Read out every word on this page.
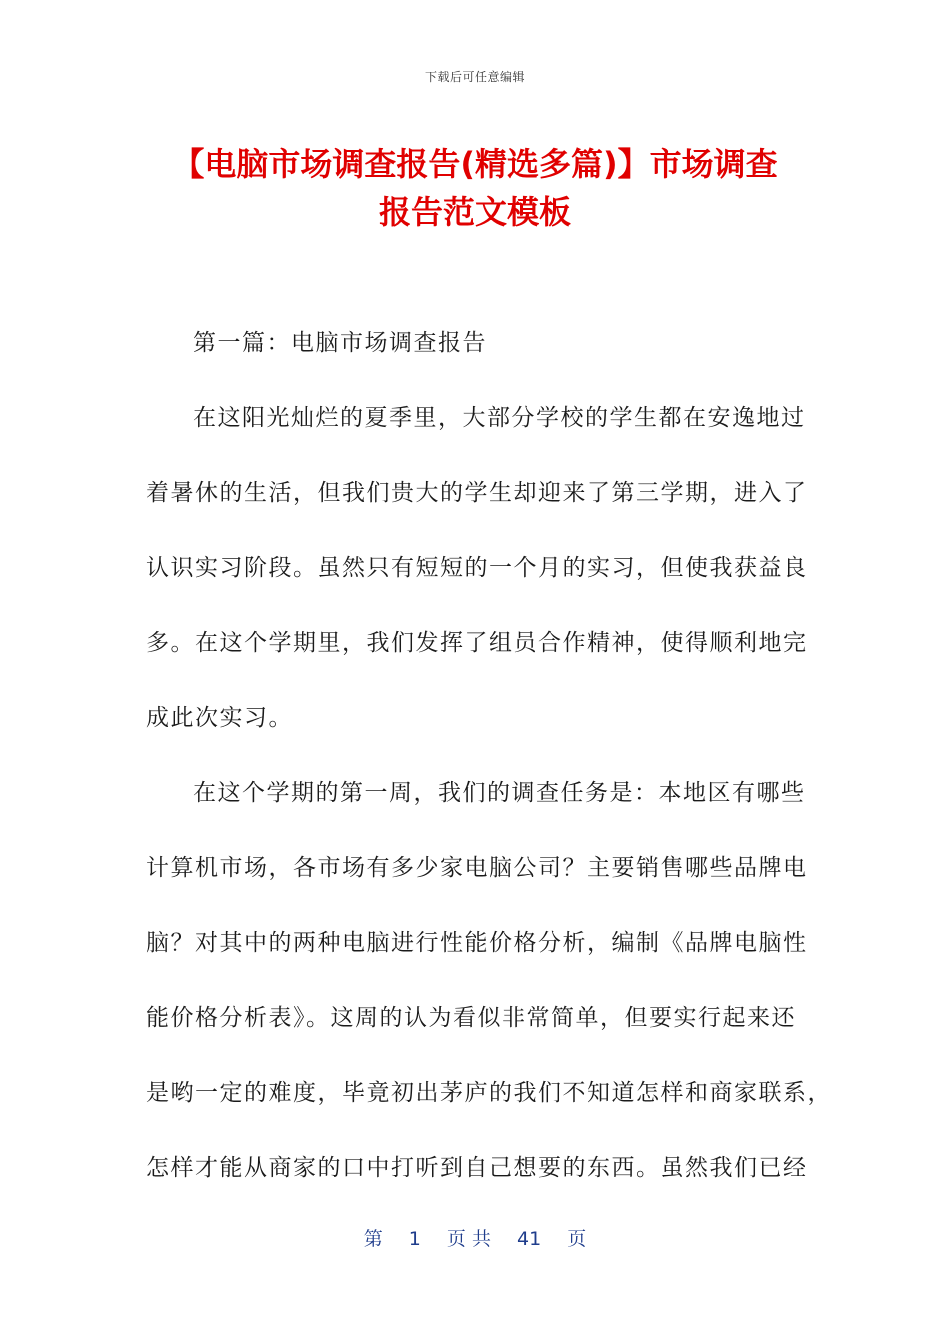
下载后可任意编辑
【电脑市场调查报告(精选多篇)】市场调查
报告范文模板
第一篇：电脑市场调查报告
在这阳光灿烂的夏季里，大部分学校的学生都在安逸地过
着暑休的生活，但我们贵大的学生却迎来了第三学期，进入了
认识实习阶段。虽然只有短短的一个月的实习，但使我获益良
多。在这个学期里，我们发挥了组员合作精神，使得顺利地完
成此次实习。
在这个学期的第一周，我们的调查任务是：本地区有哪些
计算机市场，各市场有多少家电脑公司？主要销售哪些品牌电
脑？对其中的两种电脑进行性能价格分析，编制《品牌电脑性
能价格分析表》。这周的认为看似非常简单，但要实行起来还
是哟一定的难度，毕竟初出茅庐的我们不知道怎样和商家联系，
怎样才能从商家的口中打听到自己想要的东西。虽然我们已经
第 1 页 共 41 页
